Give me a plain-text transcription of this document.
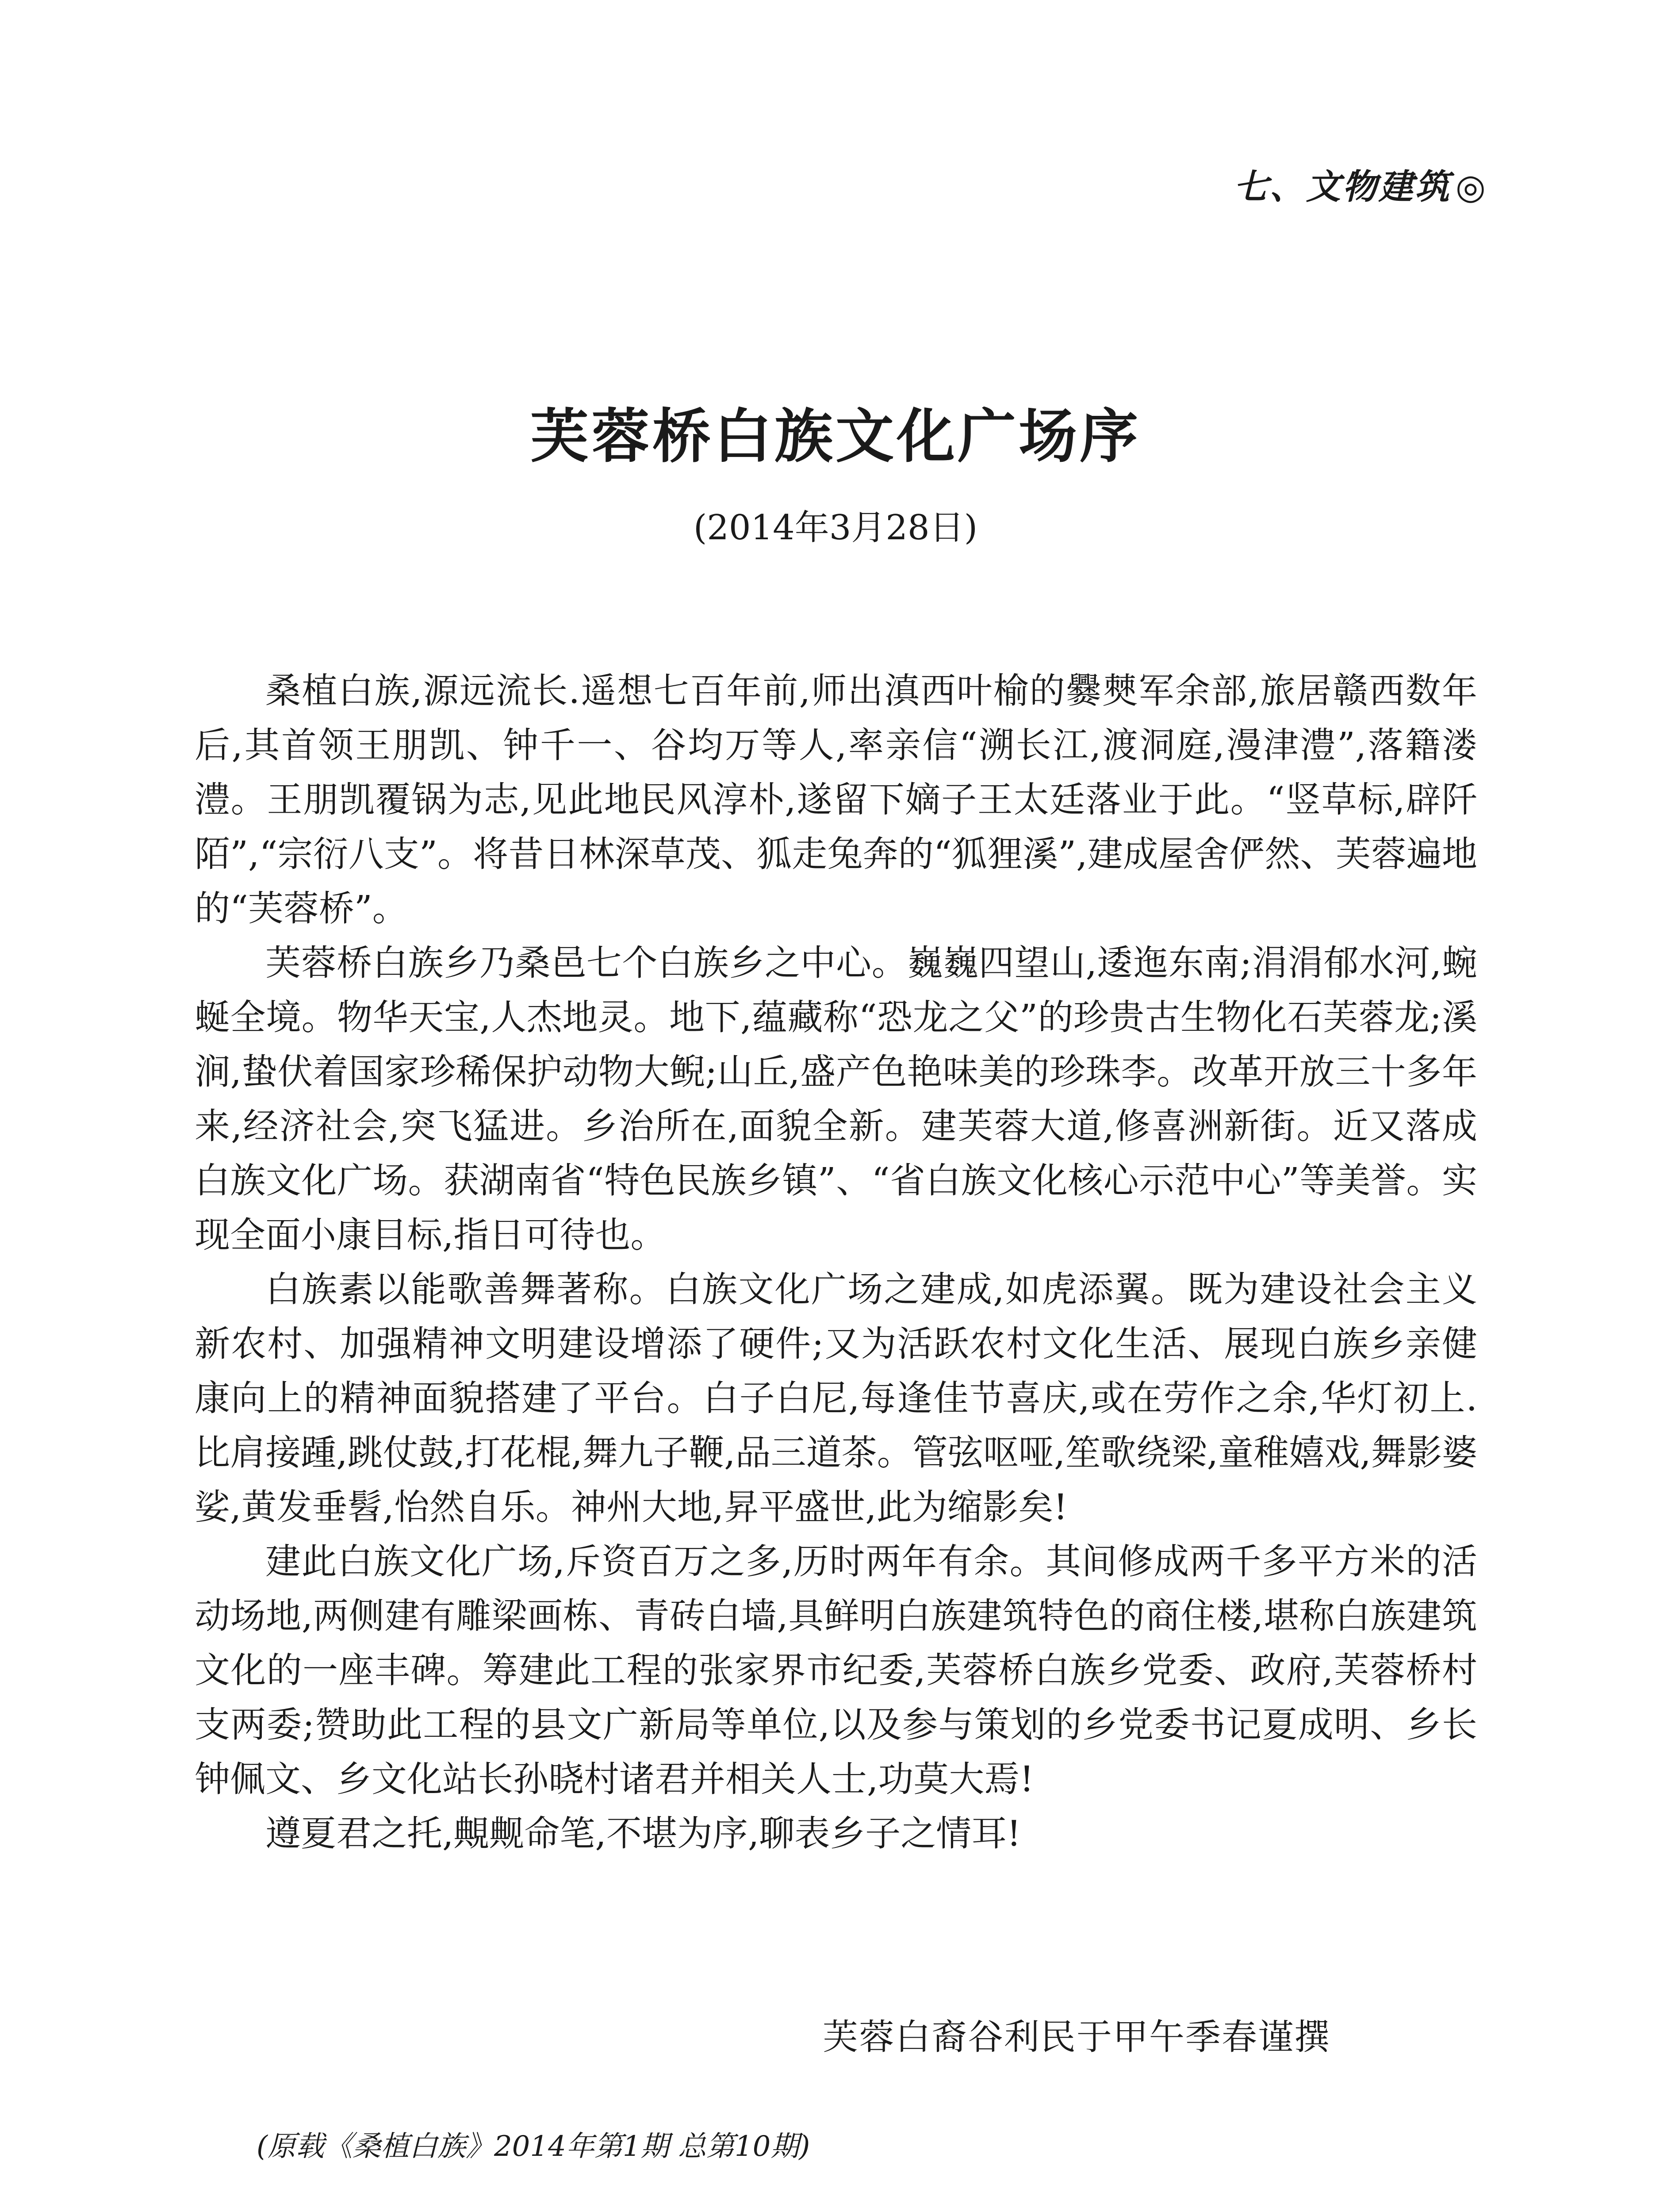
七、文物建筑 ◎
芙蓉桥白族文化广场序
(2014年3月28日)

桑植白族,源远流长.遥想七百年前,师出滇西叶榆的爨僰军余部,旅居赣西数年后,其首领王朋凯、钟千一、谷均万等人,率亲信“溯长江,渡洞庭,漫津澧”,落籍溇澧。王朋凯覆锅为志,见此地民风淳朴,遂留下嫡子王太廷落业于此。“竖草标,辟阡陌”,“宗衍八支”。将昔日林深草茂、狐走兔奔的“狐狸溪”,建成屋舍俨然、芙蓉遍地的“芙蓉桥”。

芙蓉桥白族乡乃桑邑七个白族乡之中心。巍巍四望山,逶迤东南;涓涓郁水河,蜿蜒全境。物华天宝,人杰地灵。地下,蕴藏称“恐龙之父”的珍贵古生物化石芙蓉龙;溪涧,蛰伏着国家珍稀保护动物大鲵;山丘,盛产色艳味美的珍珠李。改革开放三十多年来,经济社会,突飞猛进。乡治所在,面貌全新。建芙蓉大道,修喜洲新街。近又落成白族文化广场。获湖南省“特色民族乡镇”、“省白族文化核心示范中心”等美誉。实现全面小康目标,指日可待也。

白族素以能歌善舞著称。白族文化广场之建成,如虎添翼。既为建设社会主义新农村、加强精神文明建设增添了硬件;又为活跃农村文化生活、展现白族乡亲健康向上的精神面貌搭建了平台。白子白尼,每逢佳节喜庆,或在劳作之余,华灯初上.比肩接踵,跳仗鼓,打花棍,舞九子鞭,品三道茶。管弦呕哑,笙歌绕梁,童稚嬉戏,舞影婆娑,黄发垂髫,怡然自乐。神州大地,昇平盛世,此为缩影矣!

建此白族文化广场,斥资百万之多,历时两年有余。其间修成两千多平方米的活动场地,两侧建有雕梁画栋、青砖白墙,具鲜明白族建筑特色的商住楼,堪称白族建筑文化的一座丰碑。筹建此工程的张家界市纪委,芙蓉桥白族乡党委、政府,芙蓉桥村支两委;赞助此工程的县文广新局等单位,以及参与策划的乡党委书记夏成明、乡长钟佩文、乡文化站长孙晓村诸君并相关人士,功莫大焉!

遵夏君之托,覥觍命笔,不堪为序,聊表乡子之情耳!

芙蓉白裔谷利民于甲午季春谨撰
(原载《桑植白族》2014年第1期 总第10期)
